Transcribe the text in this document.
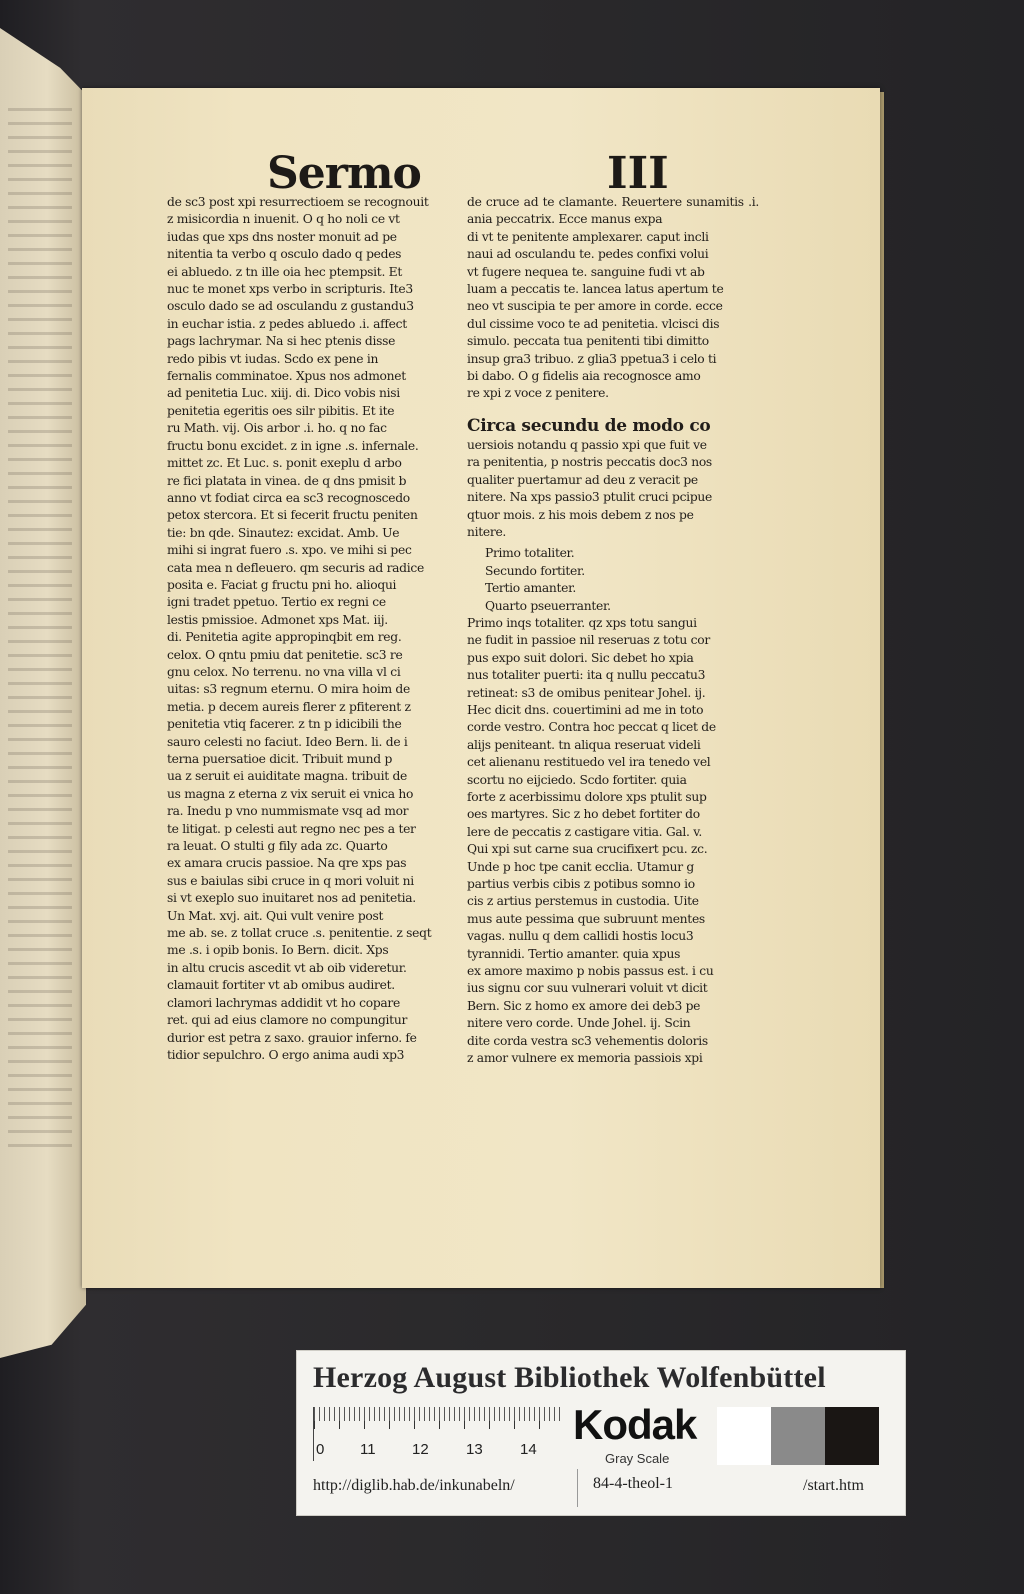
Sermo	III

de sc3 post xpi resurrectioem se recognouit

z misicordia n inuenit. O q ho noli ce vt

iudas que xps dns noster monuit ad pe

nitentia ta verbo q osculo dado q pedes

ei abluedo. z tn ille oia hec ptempsit. Et

nuc te monet xps verbo in scripturis. Ite3

osculo dado se ad osculandu z gustandu3

in euchar istia. z pedes abluedo .i. affect

pags lachrymar. Na si hec ptenis disse

redo pibis vt iudas. Scdo ex pene in

fernalis comminatoe. Xpus nos admonet

ad penitetia Luc. xiij. di. Dico vobis nisi

penitetia egeritis oes silr pibitis. Et ite

ru Math. vij. Ois arbor .i. ho. q no fac

fructu bonu excidet. z in igne .s. infernale.

mittet zc. Et Luc. s. ponit exeplu d arbo

re fici platata in vinea. de q dns pmisit b

anno vt fodiat circa ea sc3 recognoscedo

petox stercora. Et si fecerit fructu peniten

tie: bn qde. Sinautez: excidat. Amb. Ue

mihi si ingrat fuero .s. xpo. ve mihi si pec

cata mea n defleuero. qm securis ad radice

posita e. Faciat g fructu pni ho. alioqui

igni tradet ppetuo. Tertio ex regni ce

lestis pmissioe. Admonet xps Mat. iij.

di. Penitetia agite appropinqbit em reg.

celox. O qntu pmiu dat penitetie. sc3 re

gnu celox. No terrenu. no vna villa vl ci

uitas: s3 regnum eternu. O mira hoim de

metia. p decem aureis flerer z pfiterent z

penitetia vtiq facerer. z tn p idicibili the

sauro celesti no faciut. Ideo Bern. li. de i

terna puersatioe dicit. Tribuit mund p

ua z seruit ei auiditate magna. tribuit de

us magna z eterna z vix seruit ei vnica ho

ra. Inedu p vno nummismate vsq ad mor

te litigat. p celesti aut regno nec pes a ter

ra leuat. O stulti g fily ada zc. Quarto

ex amara crucis passioe. Na qre xps pas

sus e baiulas sibi cruce in q mori voluit ni

si vt exeplo suo inuitaret nos ad penitetia.

Un Mat. xvj. ait. Qui vult venire post

me ab. se. z tollat cruce .s. penitentie. z seqt

me .s. i opib bonis. Io Bern. dicit. Xps

in altu crucis ascedit vt ab oib videretur.

clamauit fortiter vt ab omibus audiret.

clamori lachrymas addidit vt ho copare

ret. qui ad eius clamore no compungitur

durior est petra z saxo. grauior inferno. fe

tidior sepulchro. O ergo anima audi xp3

de cruce ad te clamante. Reuertere sunamitis .i. ania peccatrix. Ecce manus expa

di vt te penitente amplexarer. caput incli

naui ad osculandu te. pedes confixi volui

vt fugere nequea te. sanguine fudi vt ab

luam a peccatis te. lancea latus apertum te

neo vt suscipia te per amore in corde. ecce

dul cissime voco te ad penitetia. vlcisci dis

simulo. peccata tua penitenti tibi dimitto

insup gra3 tribuo. z glia3 ppetua3 i celo ti

bi dabo. O g fidelis aia recognosce amo

re xpi z voce z penitere.

Circa secundu de modo co

uersiois notandu q passio xpi que fuit ve

ra penitentia, p nostris peccatis doc3 nos

qualiter puertamur ad deu z veracit pe

nitere. Na xps passio3 ptulit cruci pcipue

qtuor mois. z his mois debem z nos pe

nitere.

Primo totaliter.
Secundo fortiter.
Tertio amanter.
Quarto pseuerranter.

Primo inqs totaliter. qz xps totu sangui

ne fudit in passioe nil reseruas z totu cor

pus expo suit dolori. Sic debet ho xpia

nus totaliter puerti: ita q nullu peccatu3

retineat: s3 de omibus penitear Johel. ij.

Hec dicit dns. couertimini ad me in toto

corde vestro. Contra hoc peccat q licet de

alijs peniteant. tn aliqua reseruat videli

cet alienanu restituedo vel ira tenedo vel

scortu no eijciedo. Scdo fortiter. quia

forte z acerbissimu dolore xps ptulit sup

oes martyres. Sic z ho debet fortiter do

lere de peccatis z castigare vitia. Gal. v.

Qui xpi sut carne sua crucifixert pcu. zc.

Unde p hoc tpe canit ecclia. Utamur g

partius verbis cibis z potibus somno io

cis z artius perstemus in custodia. Uite

mus aute pessima que subruunt mentes

vagas. nullu q dem callidi hostis locu3

tyrannidi. Tertio amanter. quia xpus

ex amore maximo p nobis passus est. i cu

ius signu cor suu vulnerari voluit vt dicit

Bern. Sic z homo ex amore dei deb3 pe

nitere vero corde. Unde Johel. ij. Scin

dite corda vestra sc3 vehementis doloris

z amor vulnere ex memoria passiois xpi

Herzog August Bibliothek Wolfenbüttel
0 11 12 13 14
Kodak
Gray Scale
http://diglib.hab.de/inkunabeln/	84-4-theol-1	/start.htm
